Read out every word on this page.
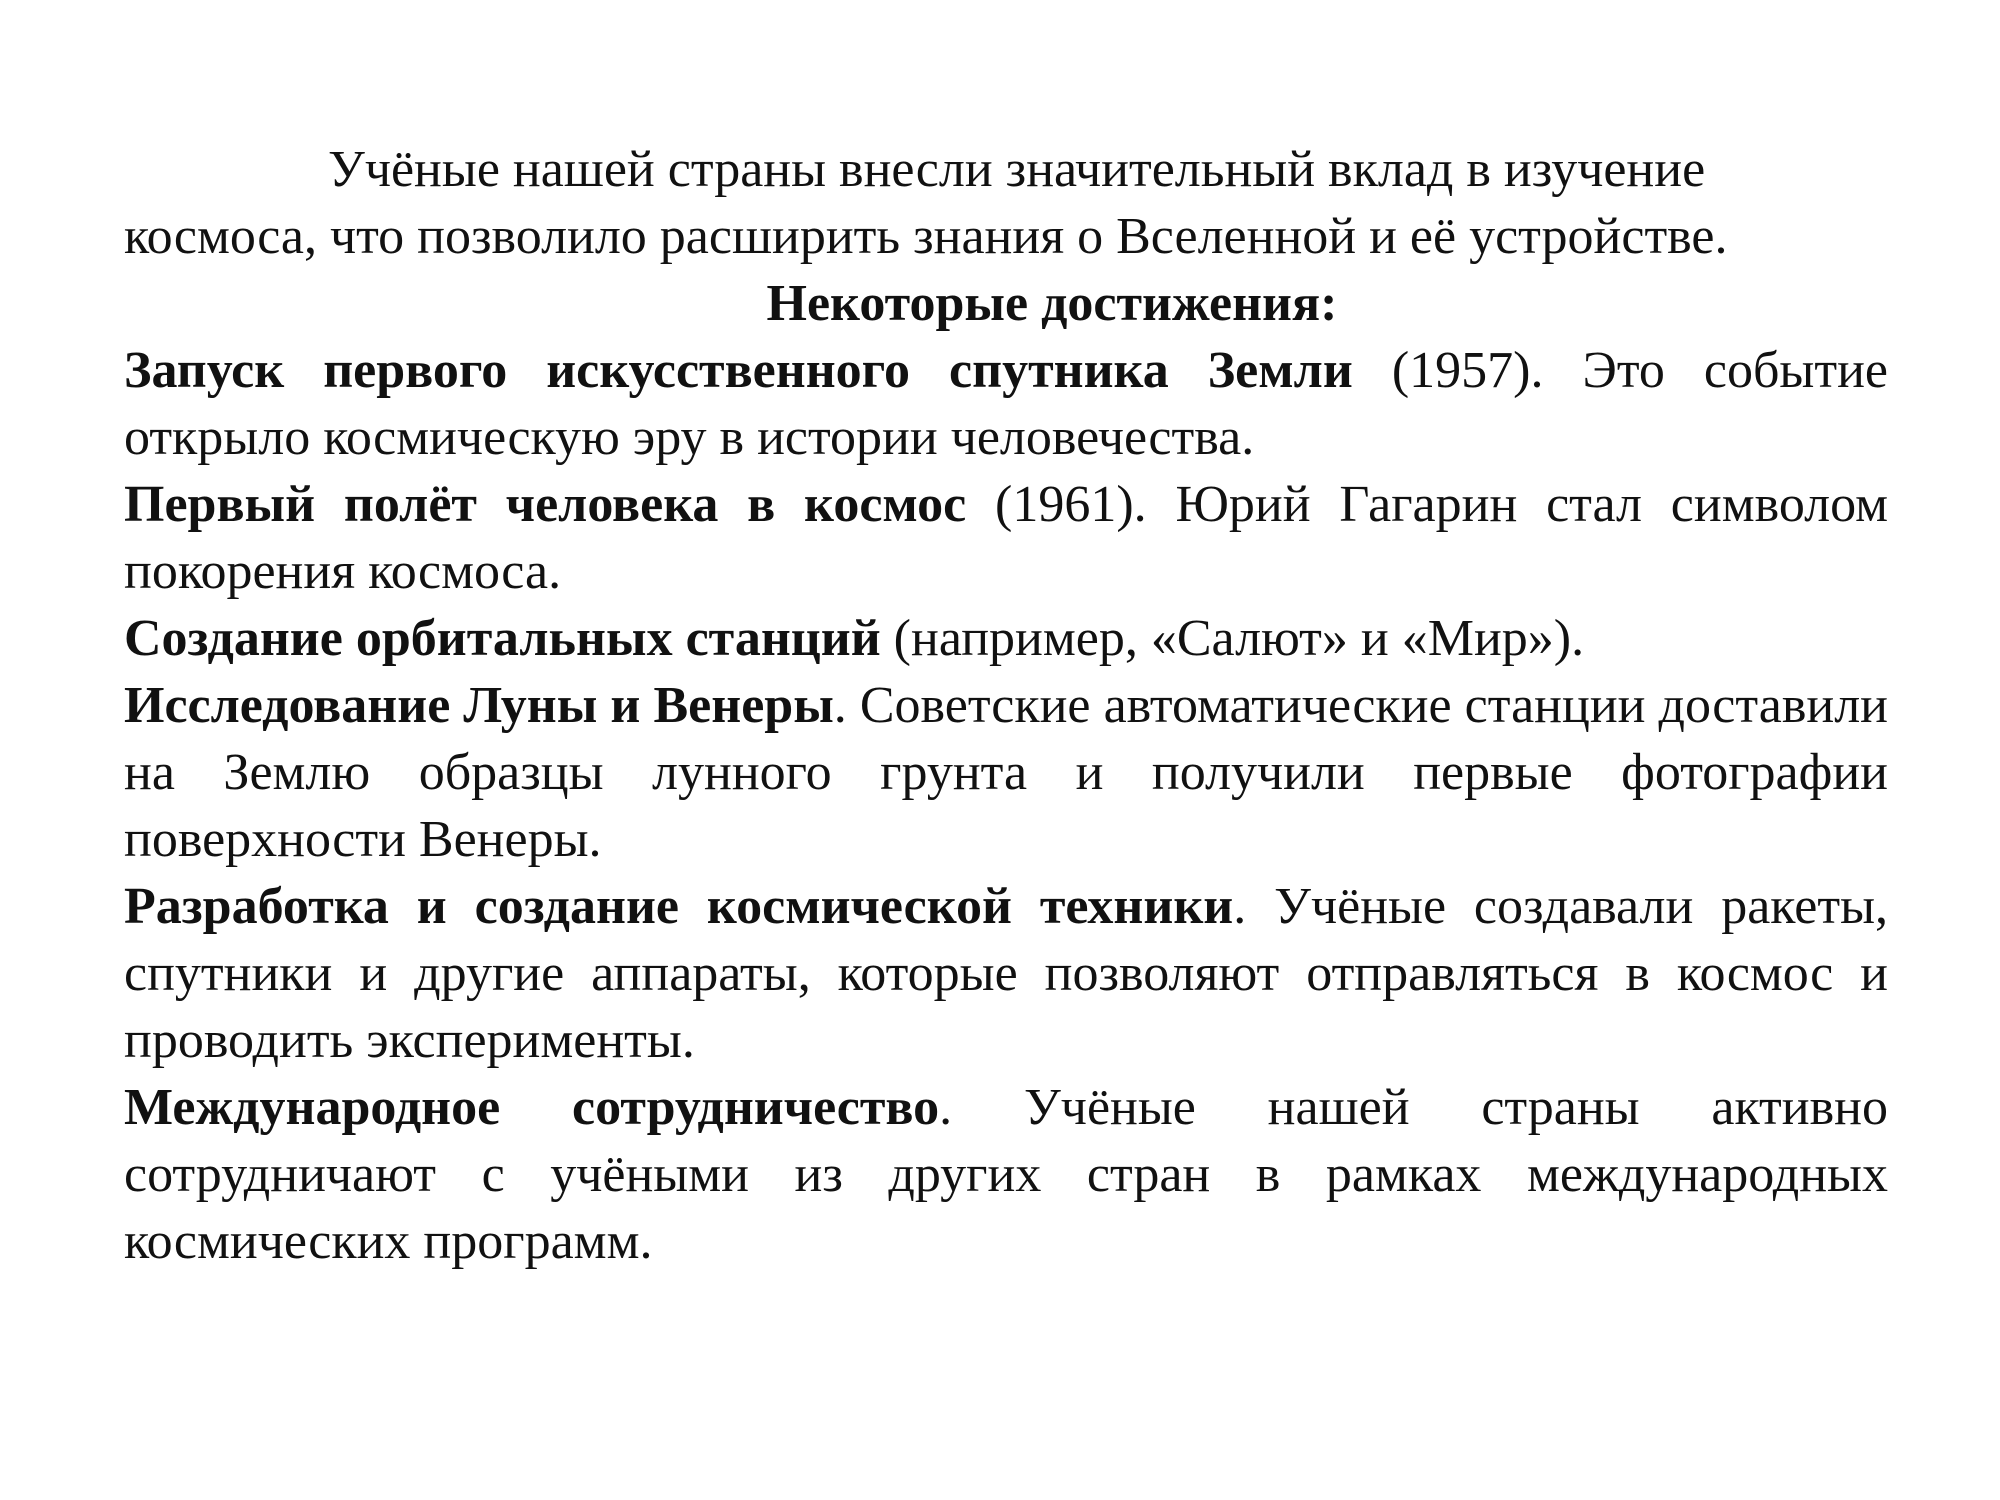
Учёные нашей страны внесли значительный вклад в изучение космоса, что позволило расширить знания о Вселенной и её устройстве.

Некоторые достижения:

Запуск первого искусственного спутника Земли (1957). Это событие открыло космическую эру в истории человечества.

Первый полёт человека в космос (1961). Юрий Гагарин стал символом покорения космоса.

Создание орбитальных станций (например, «Салют» и «Мир»).

Исследование Луны и Венеры. Советские автоматические станции доставили на Землю образцы лунного грунта и получили первые фотографии поверхности Венеры.

Разработка и создание космической техники. Учёные создавали ракеты, спутники и другие аппараты, которые позволяют отправляться в космос и проводить эксперименты.

Международное сотрудничество. Учёные нашей страны активно сотрудничают с учёными из других стран в рамках международных космических программ.
